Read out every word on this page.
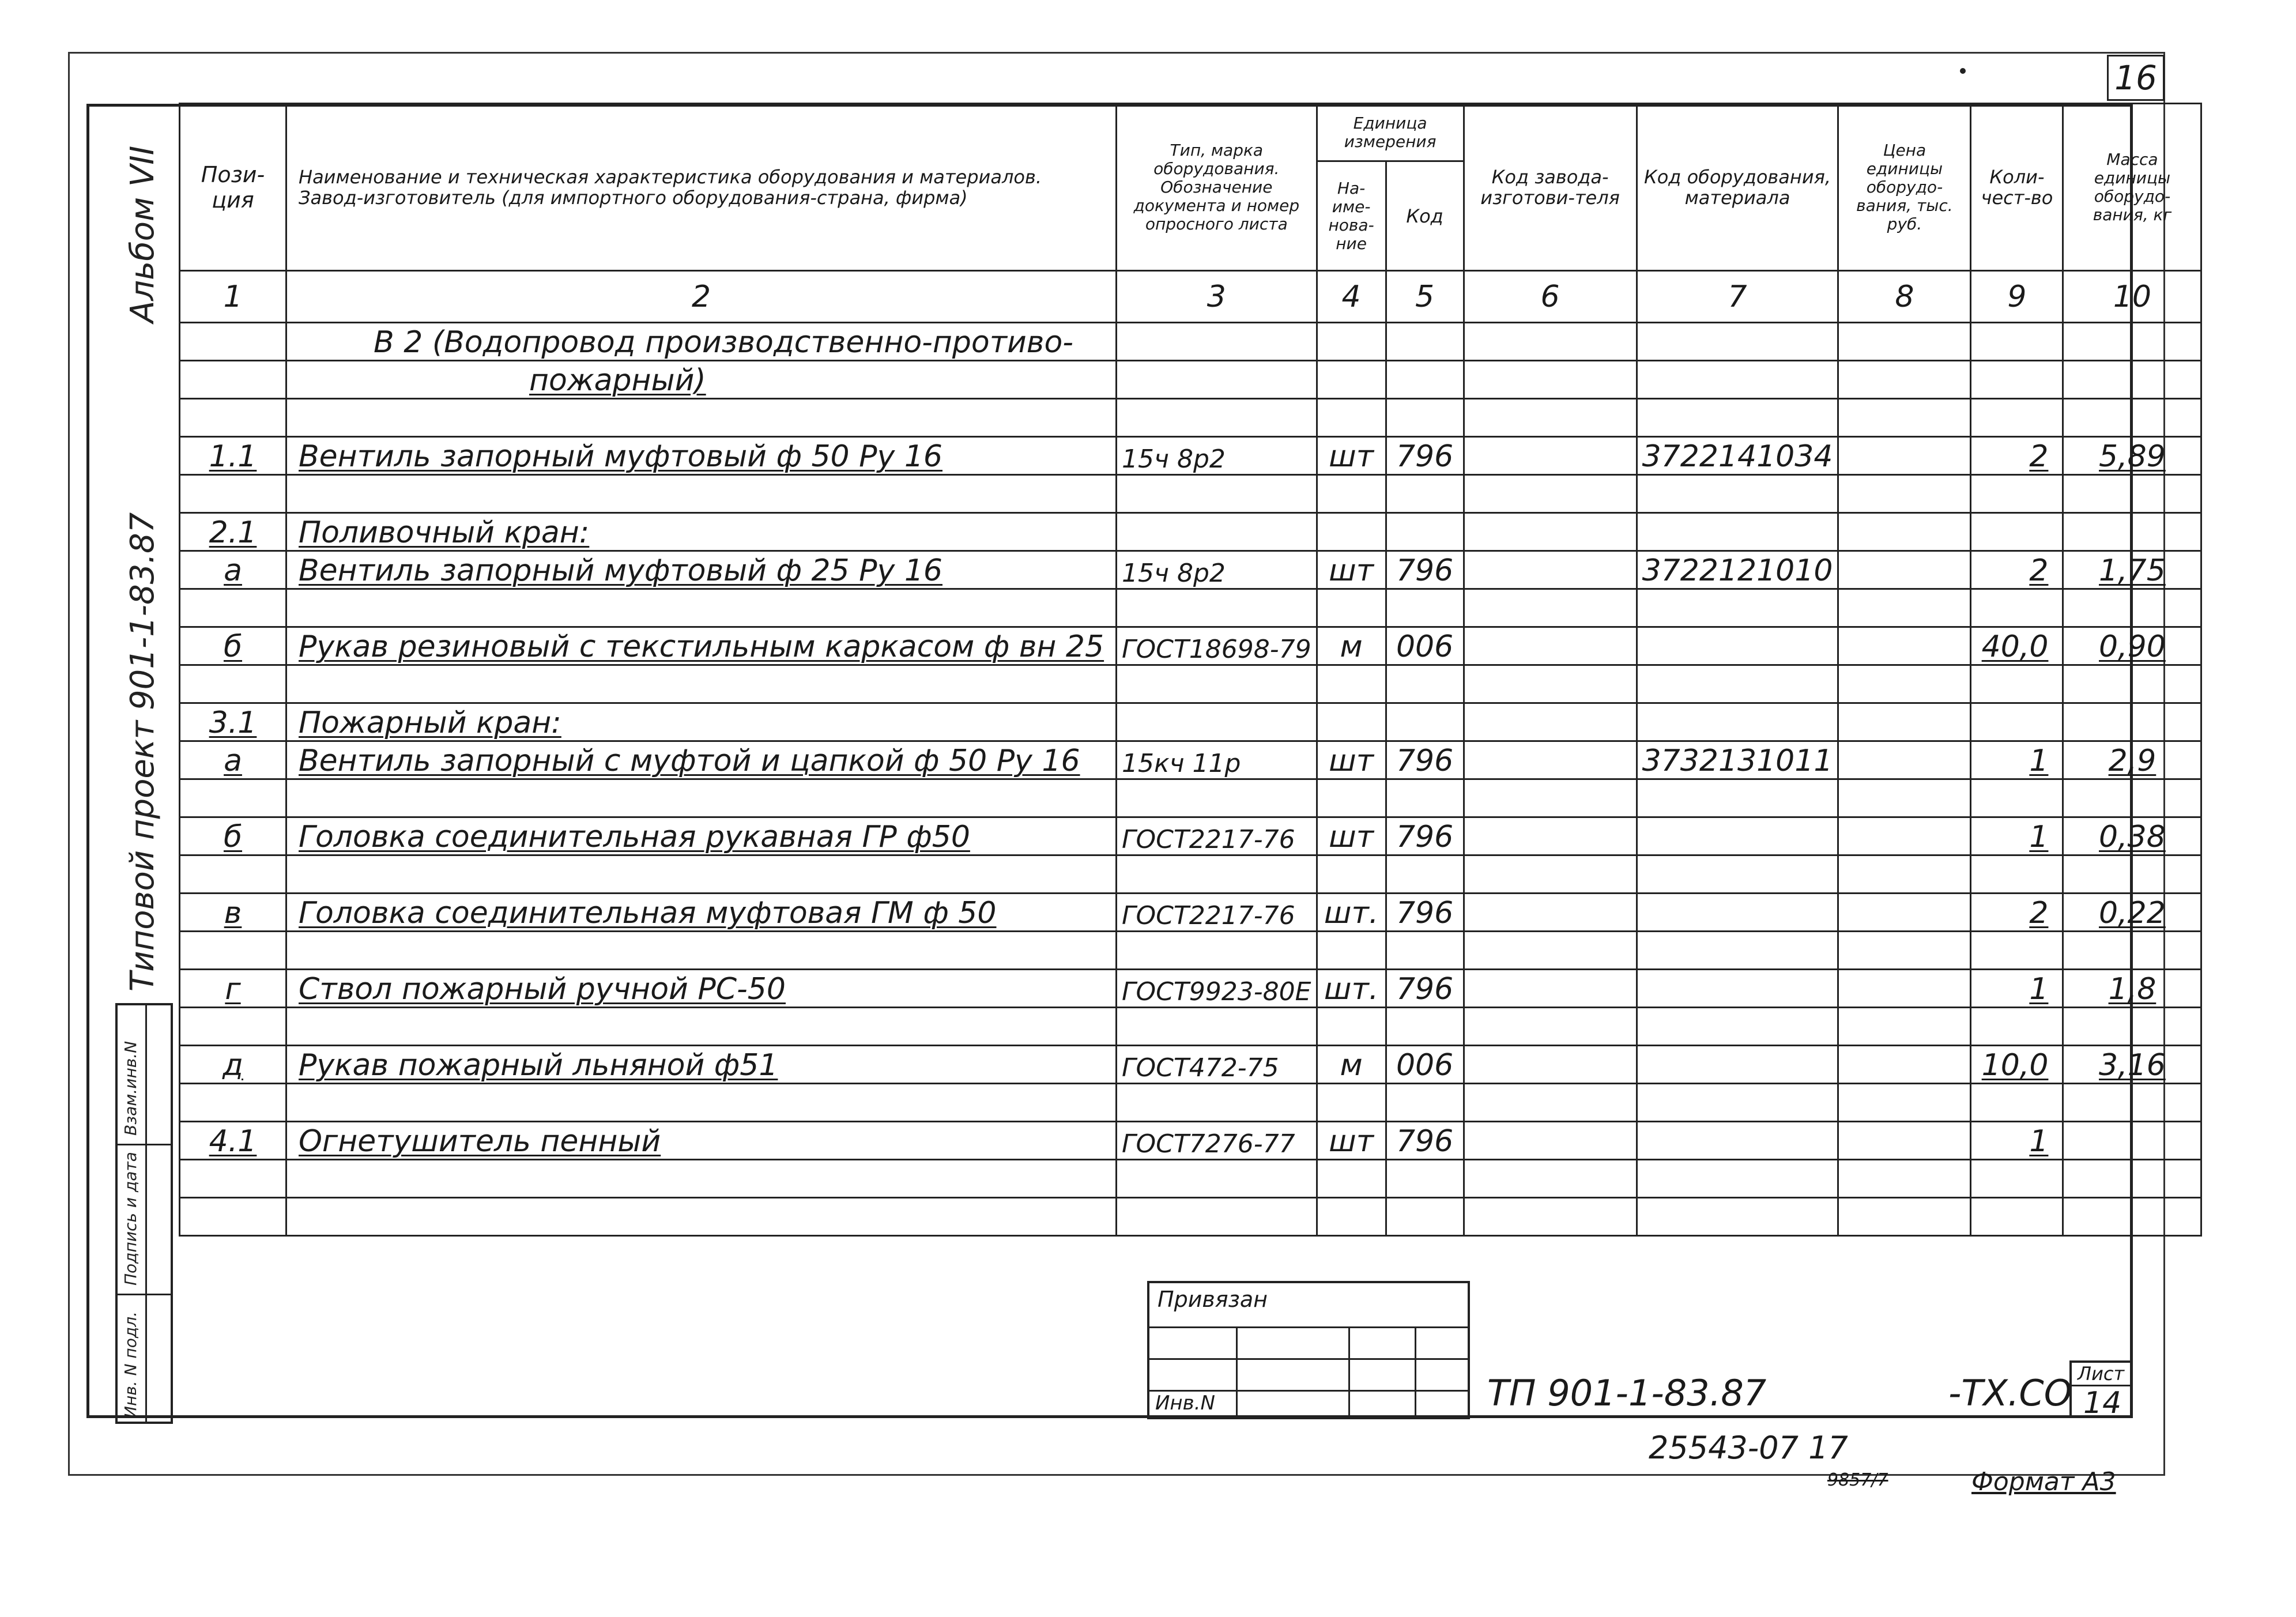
16
Альбом VII
Типовой проект 901-1-83.87
Инв. N подл.
Подпись и дата
Взам.инв.N
Пози-ция	Наименование и техническая характеристика оборудования и материалов. Завод-изготовитель (для импортного оборудования-страна, фирма)	Тип, марка оборудования. Обозначение документа и номер опросного листа	Единица измерения		Код завода-изготови-теля	Код оборудования, материала	Цена единицы оборудо-вания, тыс. руб.	Коли-чест-во	Масса единицы оборудо-вания, кг
			На-име-нова-ние	Код					
1	2	3	4	5	6	7	8	9	10
	В 2 (Водопровод производственно-противо-								
	пожарный)								

1.1	Вентиль запорный муфтовый ф 50 Ру 16	15ч 8р2	шт	796		3722141034		2	5,89

2.1	Поливочный кран:								
а	Вентиль запорный муфтовый ф 25 Ру 16	15ч 8р2	шт	796		3722121010		2	1,75

б	Рукав резиновый с текстильным каркасом ф вн 25	ГОСТ18698-79	м	006				40,0	0,90

3.1	Пожарный кран:								
а	Вентиль запорный с муфтой и цапкой ф 50 Ру 16	15кч 11р	шт	796		3732131011		1	2,9

б	Головка соединительная рукавная ГР ф50	ГОСТ2217-76	шт	796				1	0,38

в	Головка соединительная муфтовая ГМ ф 50	ГОСТ2217-76	шт.	796				2	0,22

г	Ствол пожарный ручной РС-50	ГОСТ9923-80Е	шт.	796				1	1,8

д	Рукав пожарный льняной ф51	ГОСТ472-75	м	006				10,0	3,16

4.1	Огнетушитель пенный	ГОСТ7276-77	шт	796				1	

Привязан
Инв.N	ТП 901-1-83.87	-ТХ.СО Лист
14
25543-07 17
9857/7	Формат А3
